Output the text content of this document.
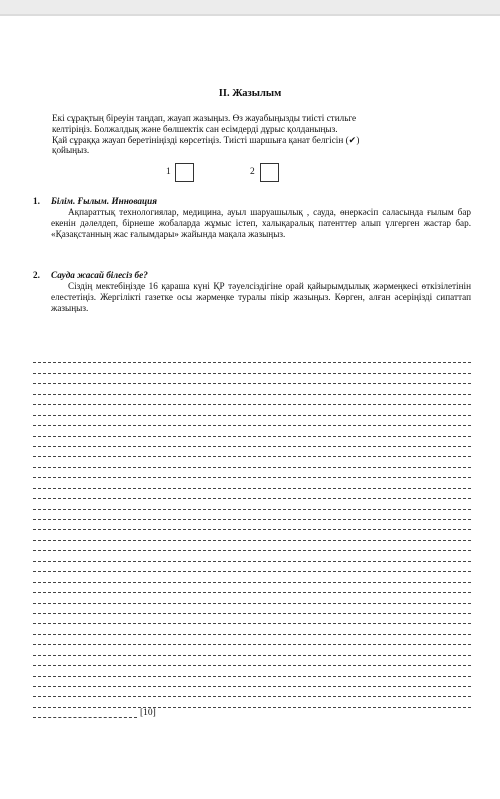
II. Жазылым

Екі сұрақтың біреуін таңдап, жауап жазыңыз. Өз жауабыңызды тиісті стильге

келтіріңіз. Болжалдық және бөлшектік сан есімдерді дұрыс қолданыңыз.

Қай сұраққа жауап беретініңізді көрсетіңіз. Тиісті шаршыға қанат белгісін (✔)

қойыңыз.

1	2
1. Білім. Ғылым. Инновация
Ақпараттық технологиялар, медицина, ауыл шаруашылық , сауда, өнеркәсіп саласында ғылым бар екенін дәлелдеп, бірнеше жобаларда жұмыс істеп, халықаралық патенттер алып үлгерген жастар бар. «Қазақстанның жас ғалымдары» жайында мақала жазыңыз.
2. Сауда жасай білесіз бе?
Сіздің мектебіңізде 16 қараша күні ҚР тәуелсіздігіне орай қайырымдылық жәрмеңкесі өткізілетінін елестетіңіз. Жергілікті газетке осы жәрмеңке туралы пікір жазыңыз. Көрген, алған әсеріңізді сипаттап жазыңыз.
[10]
